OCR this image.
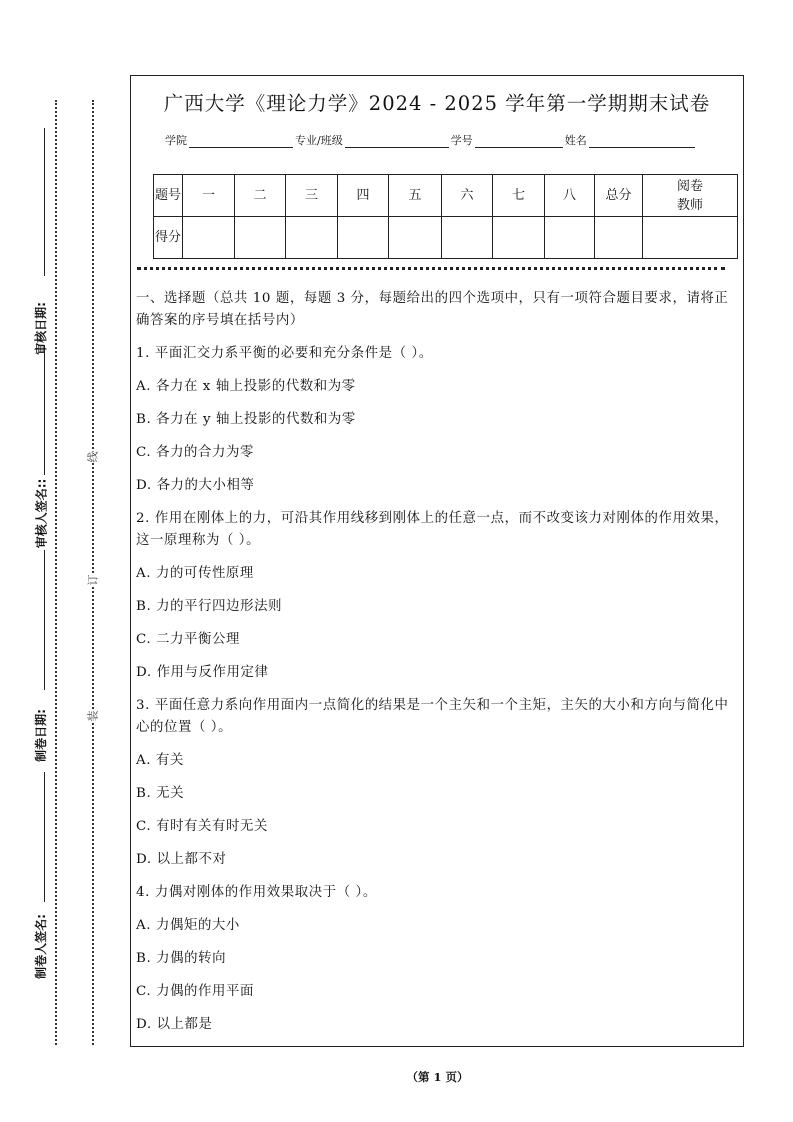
审核日期:
审核人签名::
制卷日期:
制卷人签名:
线
订
装
广西大学《理论力学》2024 - 2025 学年第一学期期末试卷
学院	专业/班级	学号	姓名
题号	一	二	三	四	五	六	七	八	总分	阅卷教师
得分										

一、选择题（总共 10 题，每题 3 分，每题给出的四个选项中，只有一项符合题目要求，请将正确答案的序号填在括号内）

1. 平面汇交力系平衡的必要和充分条件是（ ）。

A. 各力在 x 轴上投影的代数和为零

B. 各力在 y 轴上投影的代数和为零

C. 各力的合力为零

D. 各力的大小相等

2. 作用在刚体上的力，可沿其作用线移到刚体上的任意一点，而不改变该力对刚体的作用效果，这一原理称为（ ）。

A. 力的可传性原理

B. 力的平行四边形法则

C. 二力平衡公理

D. 作用与反作用定律

3. 平面任意力系向作用面内一点简化的结果是一个主矢和一个主矩，主矢的大小和方向与简化中心的位置（ ）。

A. 有关

B. 无关

C. 有时有关有时无关

D. 以上都不对

4. 力偶对刚体的作用效果取决于（ ）。

A. 力偶矩的大小

B. 力偶的转向

C. 力偶的作用平面

D. 以上都是

（第 1 页）
